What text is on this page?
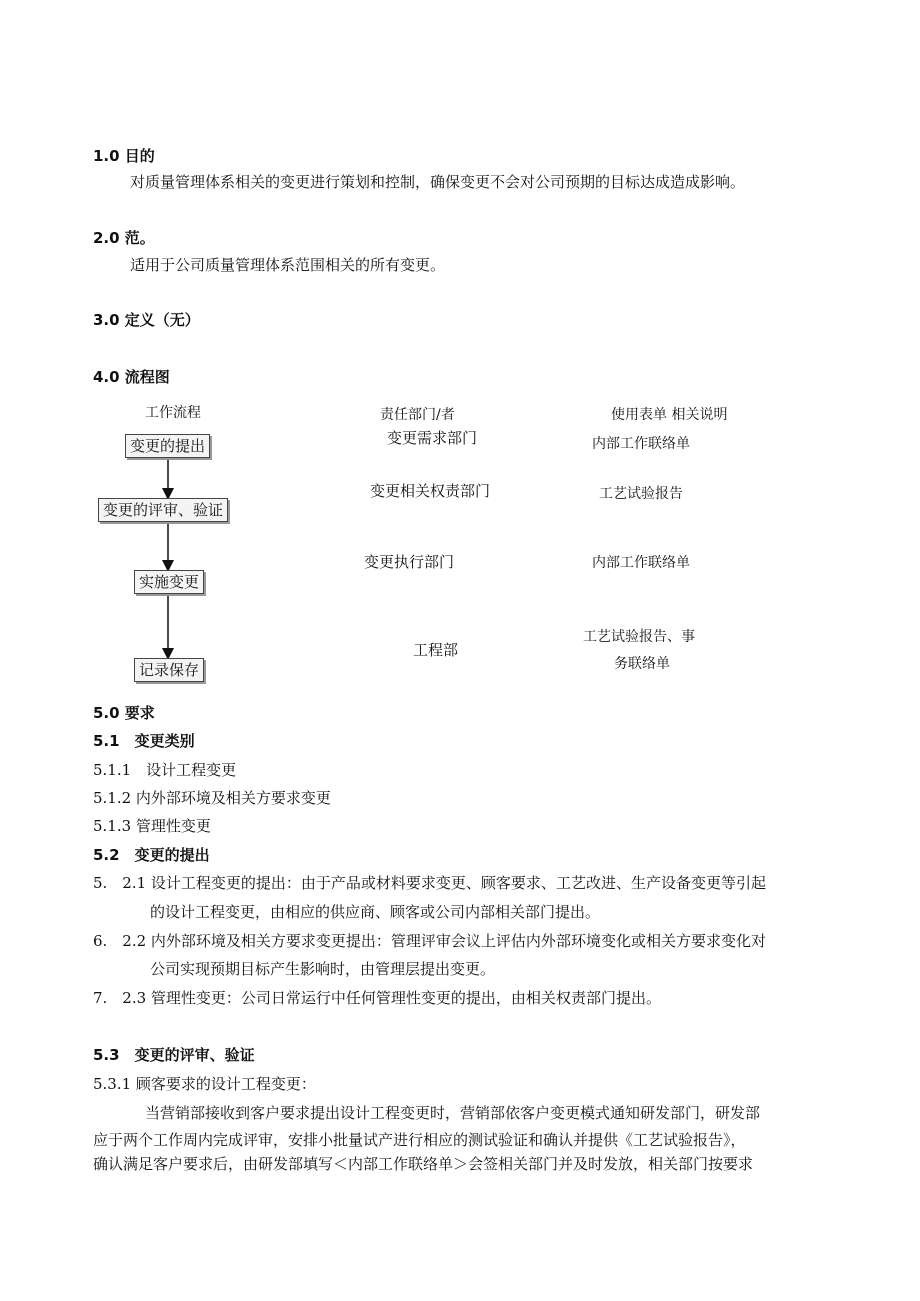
1.0 目的
对质量管理体系相关的变更进行策划和控制，确保变更不会对公司预期的目标达成造成影响。
2.0 范。
适用于公司质量管理体系范围相关的所有变更。
3.0 定义（无）
4.0 流程图
工作流程	责任部门/者	使用表单 相关说明
变更的提出
变更的评审、验证
实施变更
记录保存
变更需求部门
变更相关权责部门
变更执行部门
工程部
内部工作联络单
工艺试验报告
内部工作联络单
工艺试验报告、事
务联络单
5.0 要求
5.1　变更类别
5.1.1　设计工程变更
5.1.2 内外部环境及相关方要求变更
5.1.3 管理性变更
5.2　变更的提出
5.　2.1 设计工程变更的提出：由于产品或材料要求变更、顾客要求、工艺改进、生产设备变更等引起
的设计工程变更，由相应的供应商、顾客或公司内部相关部门提出。
6.　2.2 内外部环境及相关方要求变更提出：管理评审会议上评估内外部环境变化或相关方要求变化对
公司实现预期目标产生影响时，由管理层提出变更。
7.　2.3 管理性变更：公司日常运行中任何管理性变更的提出，由相关权责部门提出。
5.3　变更的评审、验证
5.3.1 顾客要求的设计工程变更：
当营销部接收到客户要求提出设计工程变更时，营销部依客户变更模式通知研发部门，研发部
应于两个工作周内完成评审，安排小批量试产进行相应的测试验证和确认并提供《工艺试验报告》，
确认满足客户要求后，由研发部填写＜内部工作联络单＞会签相关部门并及时发放，相关部门按要求
